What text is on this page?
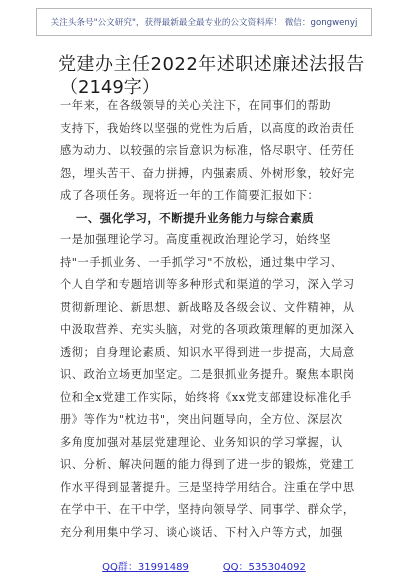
关注头条号"公文研究"，获得最新最全最专业的公文资料库！ 微信：gongwenyj
党建办主任2022年述职述廉述法报告
（2149字）
一年来，在各级领导的关心关注下，在同事们的帮助
支持下，我始终以坚强的党性为后盾，以高度的政治责任
感为动力、以较强的宗旨意识为标准，恪尽职守、任劳任
怨，埋头苦干、奋力拼搏，内强素质、外树形象，较好完
成了各项任务。现将近一年的工作简要汇报如下：
一、强化学习，不断提升业务能力与综合素质
一是加强理论学习。高度重视政治理论学习，始终坚
持"一手抓业务、一手抓学习"不放松，通过集中学习、
个人自学和专题培训等多种形式和渠道的学习，深入学习
贯彻新理论、新思想、新战略及各级会议、文件精神，从
中汲取营养、充实头脑，对党的各项政策理解的更加深入
透彻；自身理论素质、知识水平得到进一步提高，大局意
识、政治立场更加坚定。二是狠抓业务提升。聚焦本职岗
位和全x党建工作实际，始终将《xx党支部建设标准化手
册》等作为"枕边书"，突出问题导向，全方位、深层次
多角度加强对基层党建理论、业务知识的学习掌握，认
识、分析、解决问题的能力得到了进一步的锻炼，党建工
作水平得到显著提升。三是坚持学用结合。注重在学中思
在学中干、在干中学，坚持向领导学、同事学、群众学，
充分利用集中学习、谈心谈话、下村入户等方式，加强
QQ群：31991489	QQ：535304092
